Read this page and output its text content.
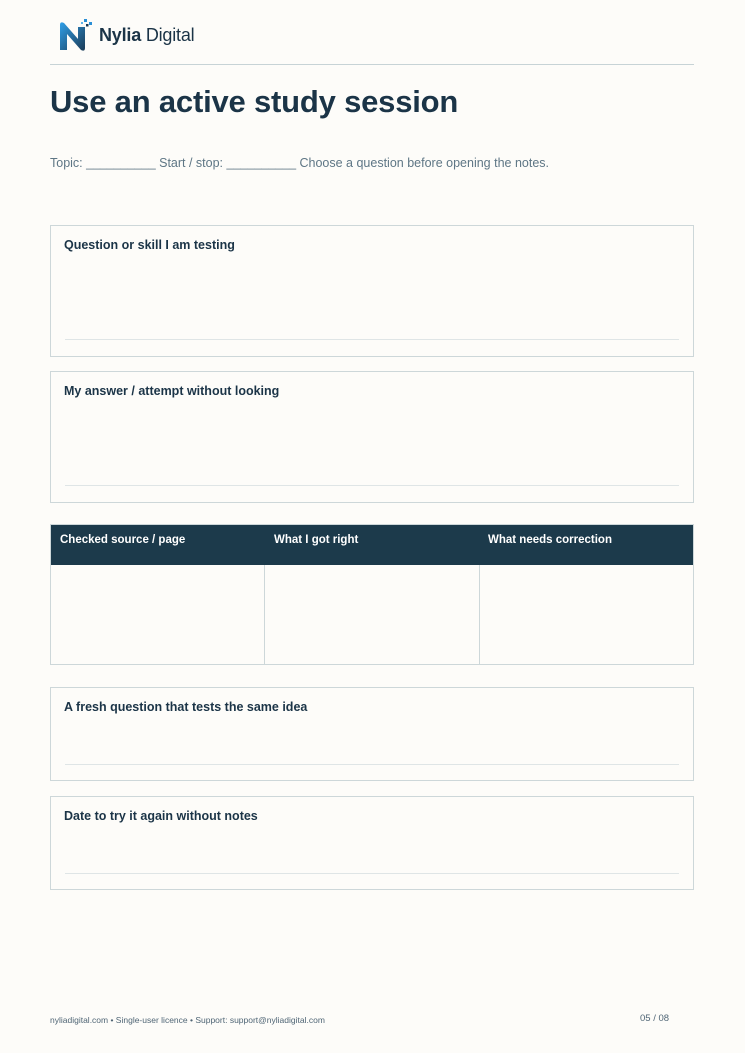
Nylia Digital
Use an active study session
Topic: __________ Start / stop: __________ Choose a question before opening the notes.
Question or skill I am testing
My answer / attempt without looking
Checked source / page	What I got right	What needs correction
A fresh question that tests the same idea
Date to try it again without notes
nyliadigital.com • Single-user licence • Support: support@nyliadigital.com	05 / 08
